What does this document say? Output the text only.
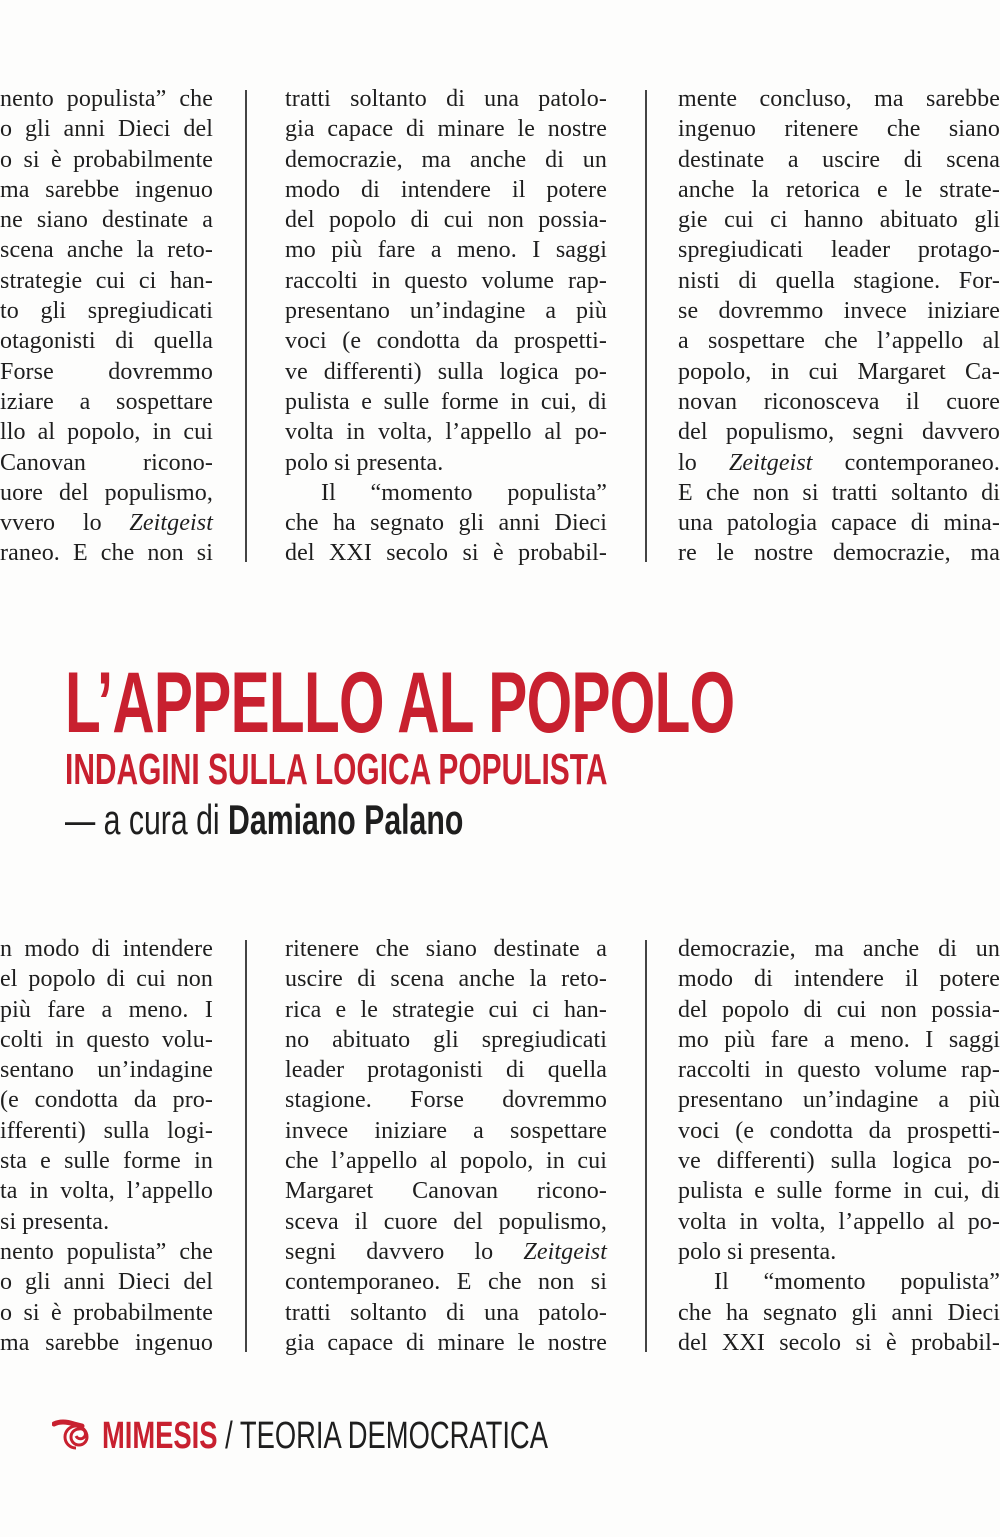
nento populista” che
o gli anni Dieci del
o si è probabilmente
ma sarebbe ingenuo
ne siano destinate a
scena anche la reto-
strategie cui ci han-
to gli spregiudicati
otagonisti di quella
Forse dovremmo
iziare a sospettare
llo al popolo, in cui
Canovan ricono-
uore del populismo,
vvero lo Zeitgeist
raneo. E che non si
tratti soltanto di una patolo-
gia capace di minare le nostre
democrazie, ma anche di un
modo di intendere il potere
del popolo di cui non possia-
mo più fare a meno. I saggi
raccolti in questo volume rap-
presentano un’indagine a più
voci (e condotta da prospetti-
ve differenti) sulla logica po-
pulista e sulle forme in cui, di
volta in volta, l’appello al po-
polo si presenta.
Il “momento populista”
che ha segnato gli anni Dieci
del XXI secolo si è probabil-
mente concluso, ma sarebbe
ingenuo ritenere che siano
destinate a uscire di scena
anche la retorica e le strate-
gie cui ci hanno abituato gli
spregiudicati leader protago-
nisti di quella stagione. For-
se dovremmo invece iniziare
a sospettare che l’appello al
popolo, in cui Margaret Ca-
novan riconosceva il cuore
del populismo, segni davvero
lo Zeitgeist contemporaneo.
E che non si tratti soltanto di
una patologia capace di mina-
re le nostre democrazie, ma
L’APPELLO AL POPOLO
INDAGINI SULLA LOGICA POPULISTA
— a cura di Damiano Palano
n modo di intendere
el popolo di cui non
più fare a meno. I
colti in questo volu-
sentano un’indagine
(e condotta da pro-
ifferenti) sulla logi-
sta e sulle forme in
ta in volta, l’appello
si presenta.
nento populista” che
o gli anni Dieci del
o si è probabilmente
ma sarebbe ingenuo
ritenere che siano destinate a
uscire di scena anche la reto-
rica e le strategie cui ci han-
no abituato gli spregiudicati
leader protagonisti di quella
stagione. Forse dovremmo
invece iniziare a sospettare
che l’appello al popolo, in cui
Margaret Canovan ricono-
sceva il cuore del populismo,
segni davvero lo Zeitgeist
contemporaneo. E che non si
tratti soltanto di una patolo-
gia capace di minare le nostre
democrazie, ma anche di un
modo di intendere il potere
del popolo di cui non possia-
mo più fare a meno. I saggi
raccolti in questo volume rap-
presentano un’indagine a più
voci (e condotta da prospetti-
ve differenti) sulla logica po-
pulista e sulle forme in cui, di
volta in volta, l’appello al po-
polo si presenta.
Il “momento populista”
che ha segnato gli anni Dieci
del XXI secolo si è probabil-
MIMESIS / TEORIA DEMOCRATICA
